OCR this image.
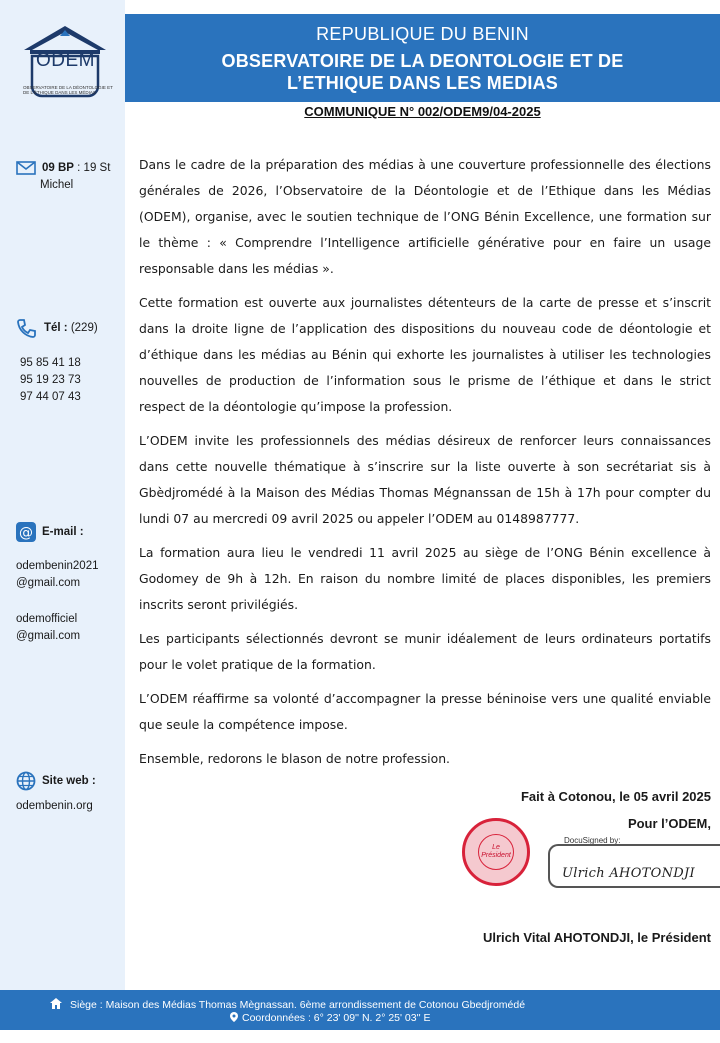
ODEM
OBSERVATOIRE DE LA DÉONTOLOGIE ET DE L'ÉTHIQUE DANS LES MÉDIAS
09 BP : 19 St
Michel
Tél : (229)
95 85 41 18
95 19 23 73
97 44 07 43
@ E-mail :
odembenin2021
@gmail.com
odemofficiel
@gmail.com
Site web :
odembenin.org
REPUBLIQUE DU BENIN
OBSERVATOIRE DE LA DEONTOLOGIE ET DE
L’ETHIQUE DANS LES MEDIAS
COMMUNIQUE N° 002/ODEM9/04-2025

Dans le cadre de la préparation des médias à une couverture professionnelle des élections générales de 2026, l’Observatoire de la Déontologie et de l’Ethique dans les Médias (ODEM), organise, avec le soutien technique de l’ONG Bénin Excellence, une formation sur le thème : « Comprendre l’Intelligence artificielle générative pour en faire un usage responsable dans les médias ».

Cette formation est ouverte aux journalistes détenteurs de la carte de presse et s’inscrit dans la droite ligne de l’application des dispositions du nouveau code de déontologie et d’éthique dans les médias au Bénin qui exhorte les journalistes à utiliser les technologies nouvelles de production de l’information sous le prisme de l’éthique et dans le strict respect de la déontologie qu’impose la profession.

L’ODEM invite les professionnels des médias désireux de renforcer leurs connaissances dans cette nouvelle thématique à s’inscrire sur la liste ouverte à son secrétariat sis à Gbèdjromédé à la Maison des Médias Thomas Mégnanssan de 15h à 17h pour compter du lundi 07 au mercredi 09 avril 2025 ou appeler l’ODEM au 0148987777.

La formation aura lieu le vendredi 11 avril 2025 au siège de l’ONG Bénin excellence à Godomey de 9h à 12h. En raison du nombre limité de places disponibles, les premiers inscrits seront privilégiés.

Les participants sélectionnés devront se munir idéalement de leurs ordinateurs portatifs pour le volet pratique de la formation.

L’ODEM réaffirme sa volonté d’accompagner la presse béninoise vers une qualité enviable que seule la compétence impose.

Ensemble, redorons le blason de notre profession.

Fait à Cotonou, le 05 avril 2025
Pour l’ODEM,
Le Président
DocuSigned by:
Ulrich AHOTONDJI
Ulrich Vital AHOTONDJI, le Président
Siège : Maison des Médias Thomas Mègnassan. 6ème arrondissement de Cotonou Gbedjromédé
Coordonnées : 6° 23' 09'' N. 2° 25' 03'' E
